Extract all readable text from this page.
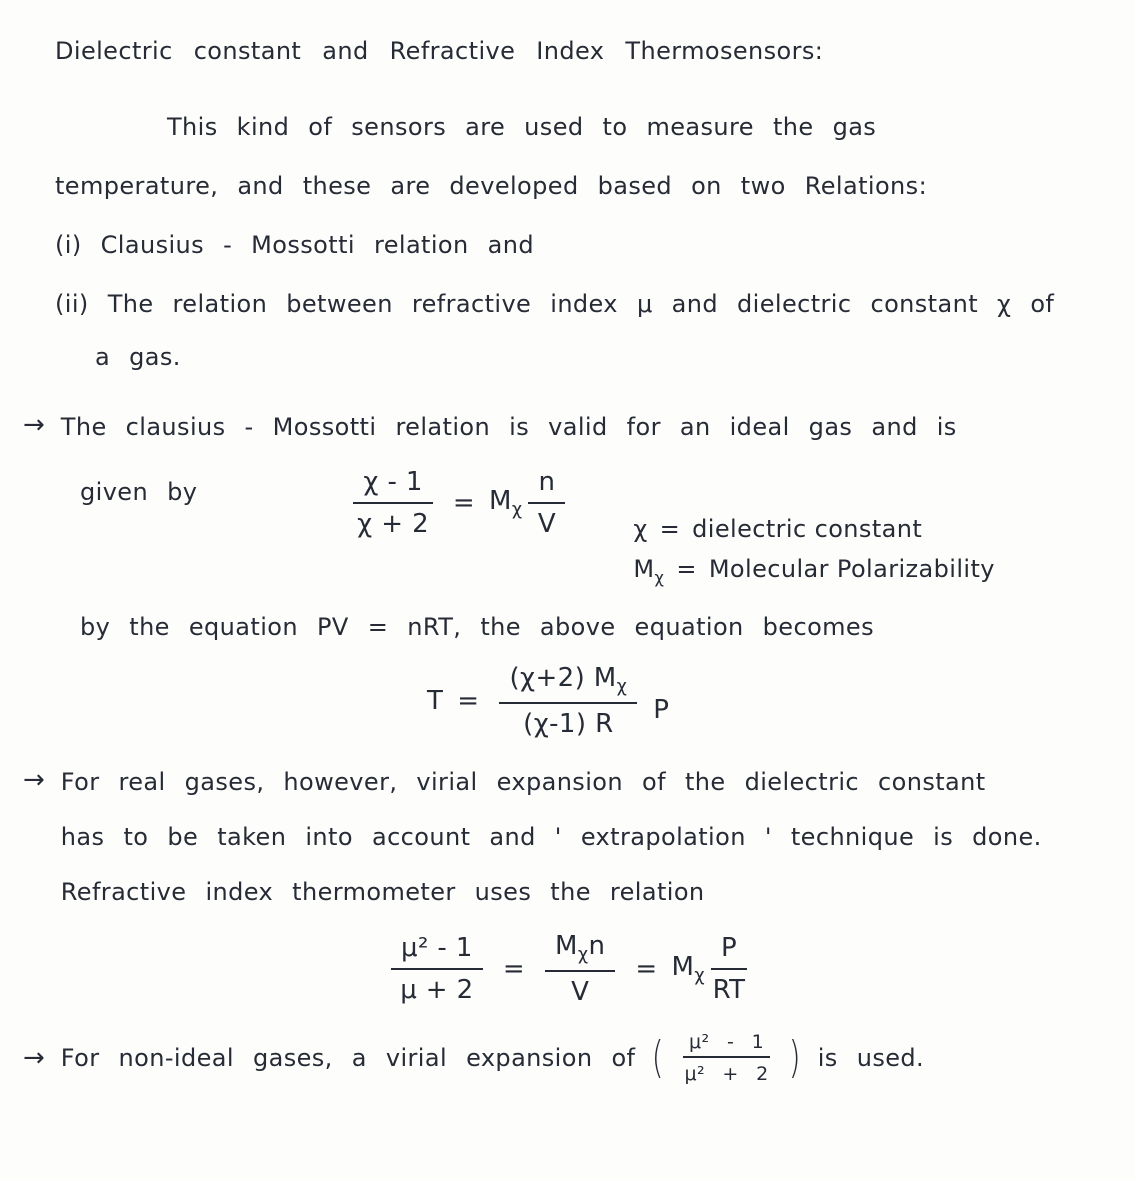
Dielectric constant and Refractive Index Thermosensors:
This kind of sensors are used to measure the gas
temperature, and these are developed based on two Relations:
(i) Clausius - Mossotti relation and
(ii) The relation between refractive index μ and dielectric constant χ of
a gas.
→ The clausius - Mossotti relation is valid for an ideal gas and is
given by	$\frac{\chi - 1}{\chi + 2} = M_\chi \frac{n}{V}$	χ = dielectric constant
$M_\chi$ = Molecular Polarizability
by the equation PV = nRT, the above equation becomes
$T = \frac{(\chi+2) M_\chi}{(\chi-1) R}$ P
→ For real gases, however, virial expansion of the dielectric constant
has to be taken into account and ' extrapolation ' technique is done.
Refractive index thermometer uses the relation
$\frac{\text{μ² - 1}}{\mu + 2} = \frac{M_\chi n}{V} = M_\chi \frac{P}{RT}$
→ For non-ideal gases, a virial expansion of ( $\frac{\text{μ² - 1}}{\text{μ² + 2}}$ ) is used.
